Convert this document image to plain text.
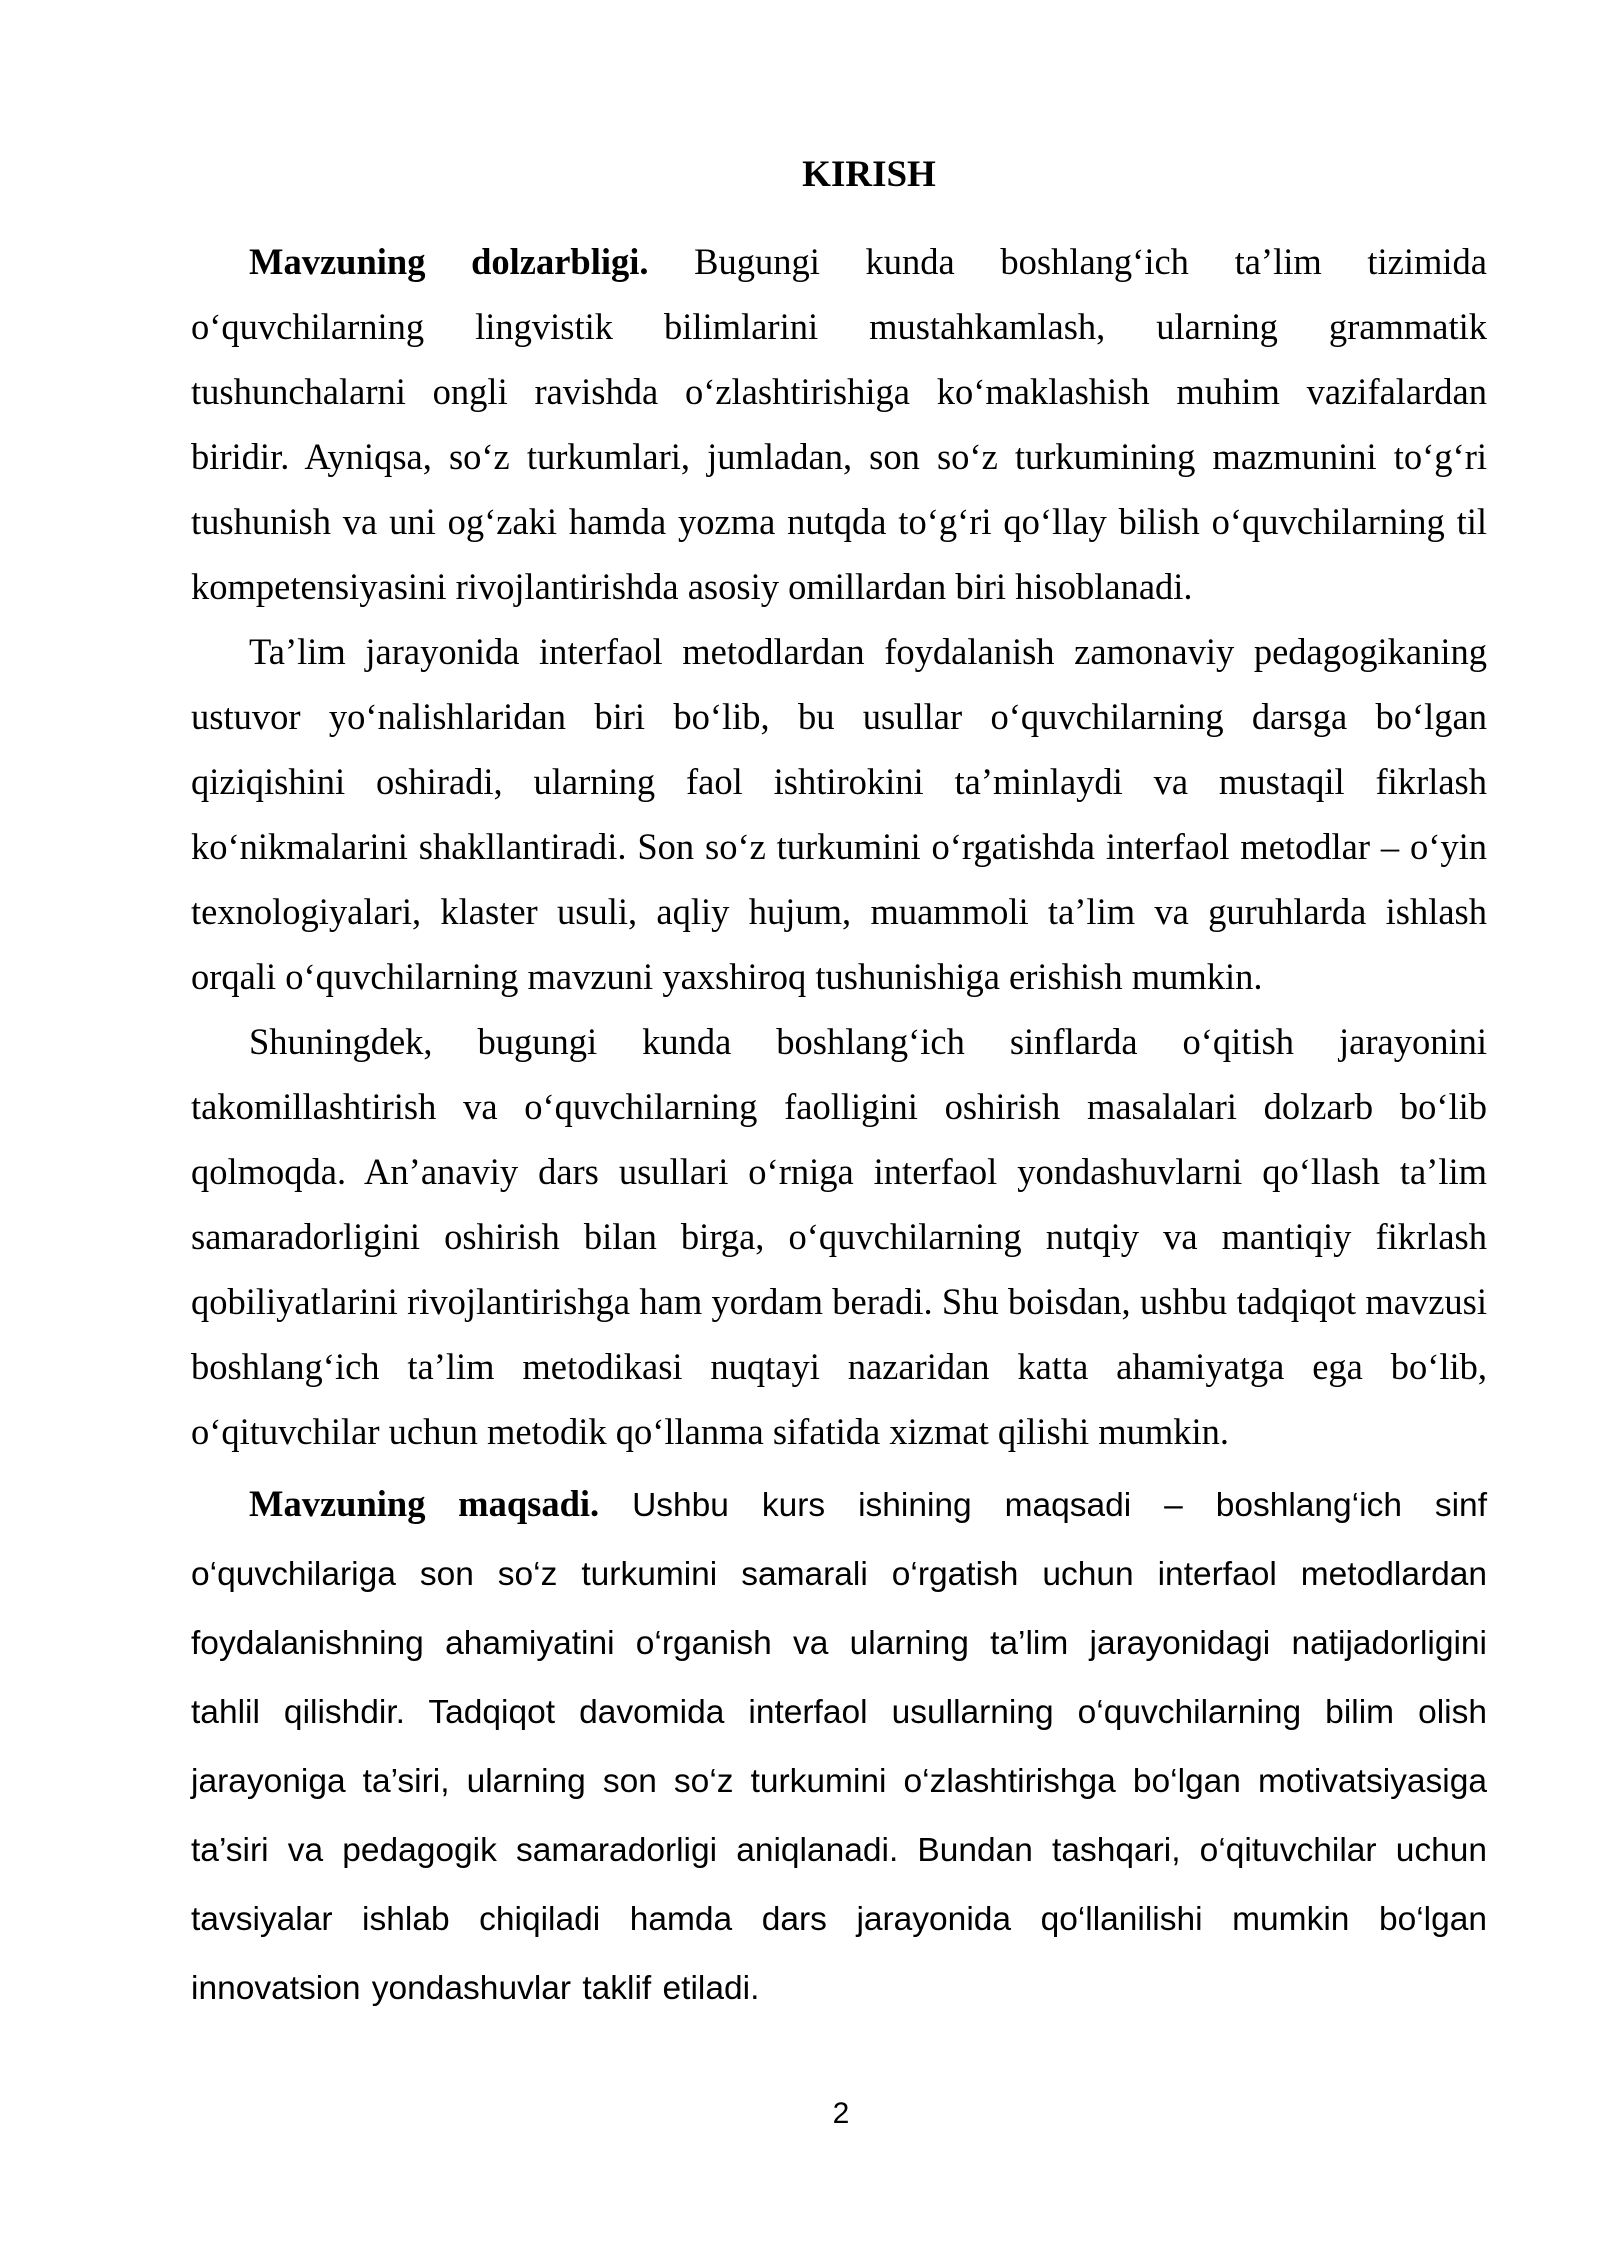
KIRISH

Mavzuning dolzarbligi. Bugungi kunda boshlang‘ich ta’lim tizimida o‘quvchilarning lingvistik bilimlarini mustahkamlash, ularning grammatik tushunchalarni ongli ravishda o‘zlashtirishiga ko‘maklashish muhim vazifalardan biridir. Ayniqsa, so‘z turkumlari, jumladan, son so‘z turkumining mazmunini to‘g‘ri tushunish va uni og‘zaki hamda yozma nutqda to‘g‘ri qo‘llay bilish o‘quvchilarning til kompetensiyasini rivojlantirishda asosiy omillardan biri hisoblanadi.

Ta’lim jarayonida interfaol metodlardan foydalanish zamonaviy pedagogikaning ustuvor yo‘nalishlaridan biri bo‘lib, bu usullar o‘quvchilarning darsga bo‘lgan qiziqishini oshiradi, ularning faol ishtirokini ta’minlaydi va mustaqil fikrlash ko‘nikmalarini shakllantiradi. Son so‘z turkumini o‘rgatishda interfaol metodlar – o‘yin texnologiyalari, klaster usuli, aqliy hujum, muammoli ta’lim va guruhlarda ishlash orqali o‘quvchilarning mavzuni yaxshiroq tushunishiga erishish mumkin.

Shuningdek, bugungi kunda boshlang‘ich sinflarda o‘qitish jarayonini takomillashtirish va o‘quvchilarning faolligini oshirish masalalari dolzarb bo‘lib qolmoqda. An’anaviy dars usullari o‘rniga interfaol yondashuvlarni qo‘llash ta’lim samaradorligini oshirish bilan birga, o‘quvchilarning nutqiy va mantiqiy fikrlash qobiliyatlarini rivojlantirishga ham yordam beradi. Shu boisdan, ushbu tadqiqot mavzusi boshlang‘ich ta’lim metodikasi nuqtayi nazaridan katta ahamiyatga ega bo‘lib, o‘qituvchilar uchun metodik qo‘llanma sifatida xizmat qilishi mumkin.

Mavzuning maqsadi. Ushbu kurs ishining maqsadi – boshlang‘ich sinf o‘quvchilariga son so‘z turkumini samarali o‘rgatish uchun interfaol metodlardan foydalanishning ahamiyatini o‘rganish va ularning ta’lim jarayonidagi natijadorligini tahlil qilishdir. Tadqiqot davomida interfaol usullarning o‘quvchilarning bilim olish jarayoniga ta’siri, ularning son so‘z turkumini o‘zlashtirishga bo‘lgan motivatsiyasiga ta’siri va pedagogik samaradorligi aniqlanadi. Bundan tashqari, o‘qituvchilar uchun tavsiyalar ishlab chiqiladi hamda dars jarayonida qo‘llanilishi mumkin bo‘lgan innovatsion yondashuvlar taklif etiladi.

2
